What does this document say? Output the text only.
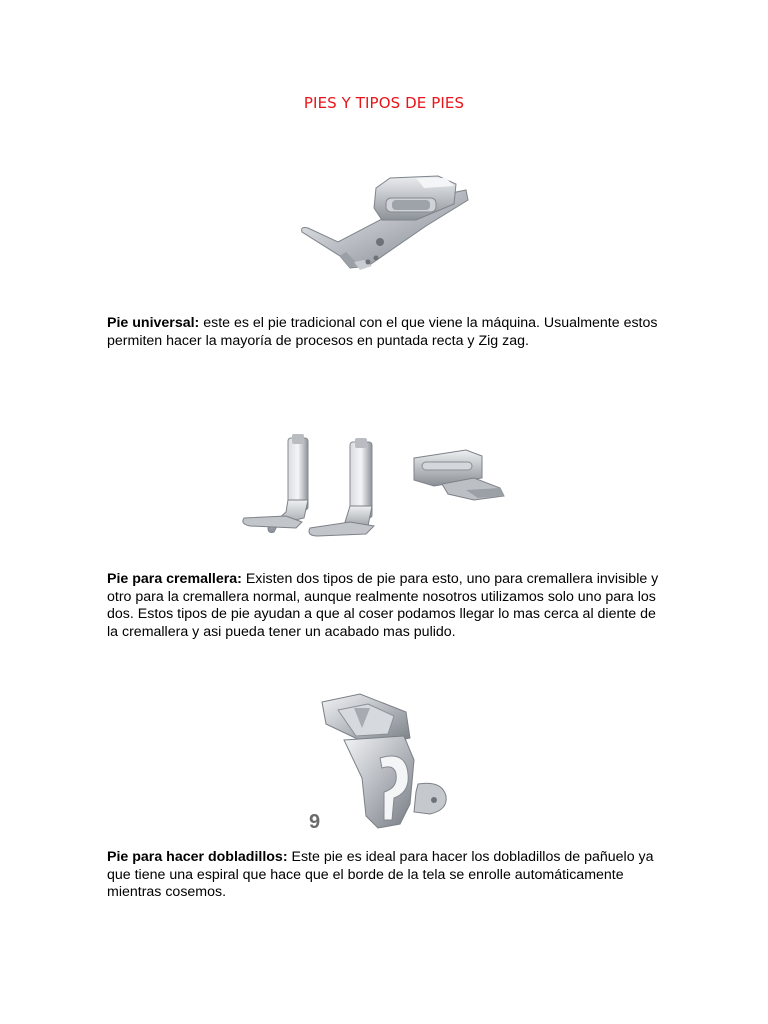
PIES Y TIPOS DE PIES

Pie universal: este es el pie tradicional con el que viene la máquina. Usualmente estos permiten hacer la mayoría de procesos en puntada recta y Zig zag.

Pie para cremallera: Existen dos tipos de pie para esto, uno para cremallera invisible y otro para la cremallera normal, aunque realmente nosotros utilizamos solo uno para los dos. Estos tipos de pie ayudan a que al coser podamos llegar lo mas cerca al diente de la cremallera y asi pueda tener un acabado mas pulido.

9

Pie para hacer dobladillos: Este pie es ideal para hacer los dobladillos de pañuelo ya que tiene una espiral que hace que el borde de la tela se enrolle automáticamente mientras cosemos.
